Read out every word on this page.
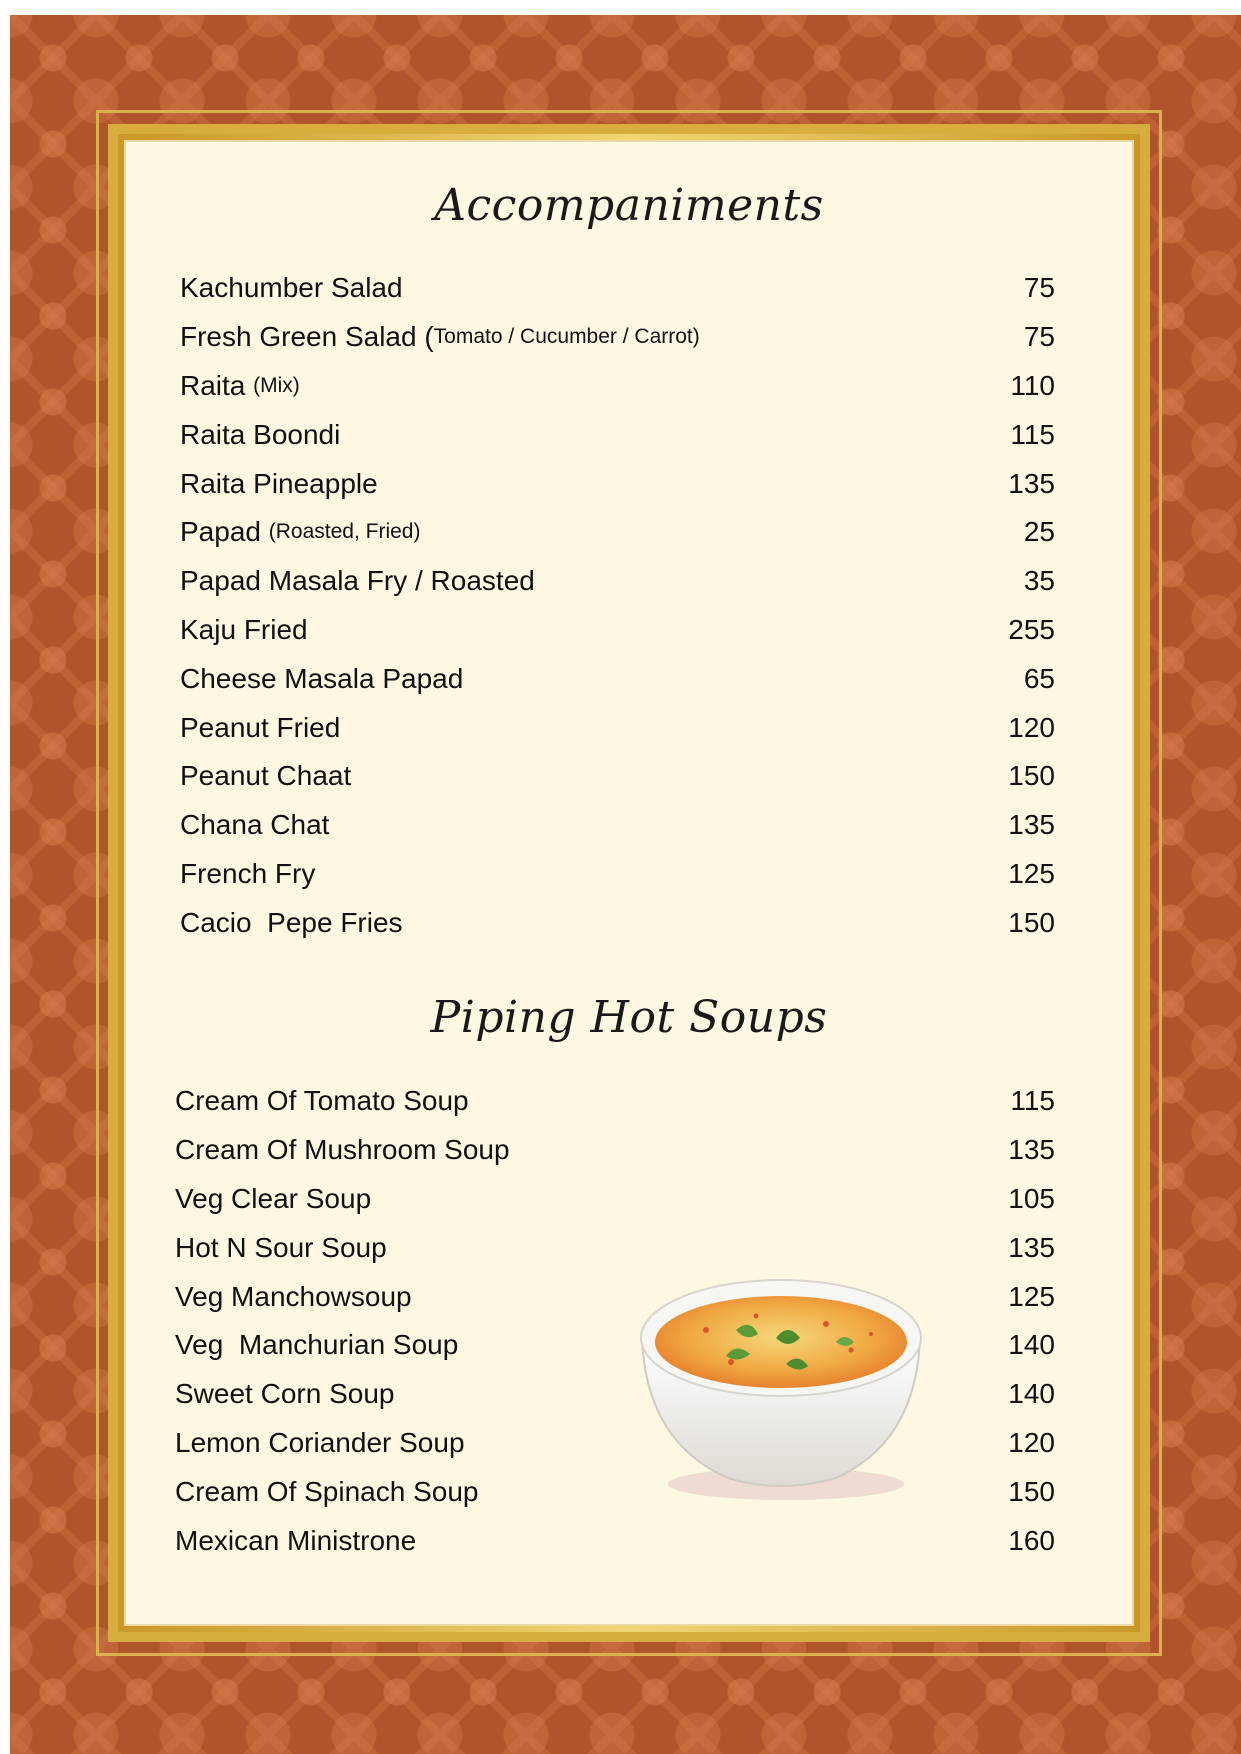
Accompaniments
Kachumber Salad	75
Fresh Green Salad ( Tomato / Cucumber / Carrot)	75
Raita (Mix)	110
Raita Boondi	115
Raita Pineapple	135
Papad (Roasted, Fried)	25
Papad Masala Fry / Roasted	35
Kaju Fried	255
Cheese Masala Papad	65
Peanut Fried	120
Peanut Chaat	150
Chana Chat	135
French Fry	125
Cacio  Pepe Fries	150
Piping Hot Soups
Cream Of Tomato Soup	115
Cream Of Mushroom Soup	135
Veg Clear Soup	105
Hot N Sour Soup	135
Veg Manchowsoup	125
Veg  Manchurian Soup	140
Sweet Corn Soup	140
Lemon Coriander Soup	120
Cream Of Spinach Soup	150
Mexican Ministrone	160
